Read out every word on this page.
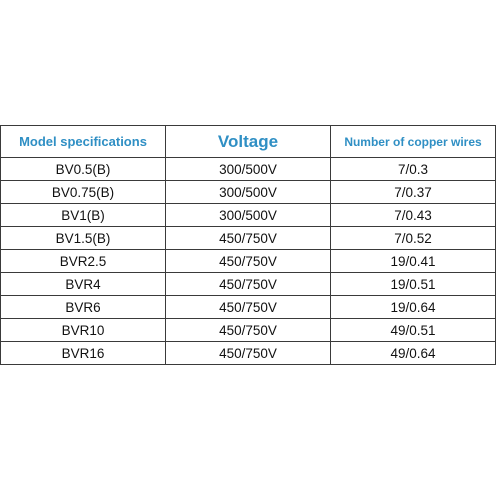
Model specifications	Voltage	Number of copper wires
BV0.5(B)	300/500V	7/0.3
BV0.75(B)	300/500V	7/0.37
BV1(B)	300/500V	7/0.43
BV1.5(B)	450/750V	7/0.52
BVR2.5	450/750V	19/0.41
BVR4	450/750V	19/0.51
BVR6	450/750V	19/0.64
BVR10	450/750V	49/0.51
BVR16	450/750V	49/0.64
